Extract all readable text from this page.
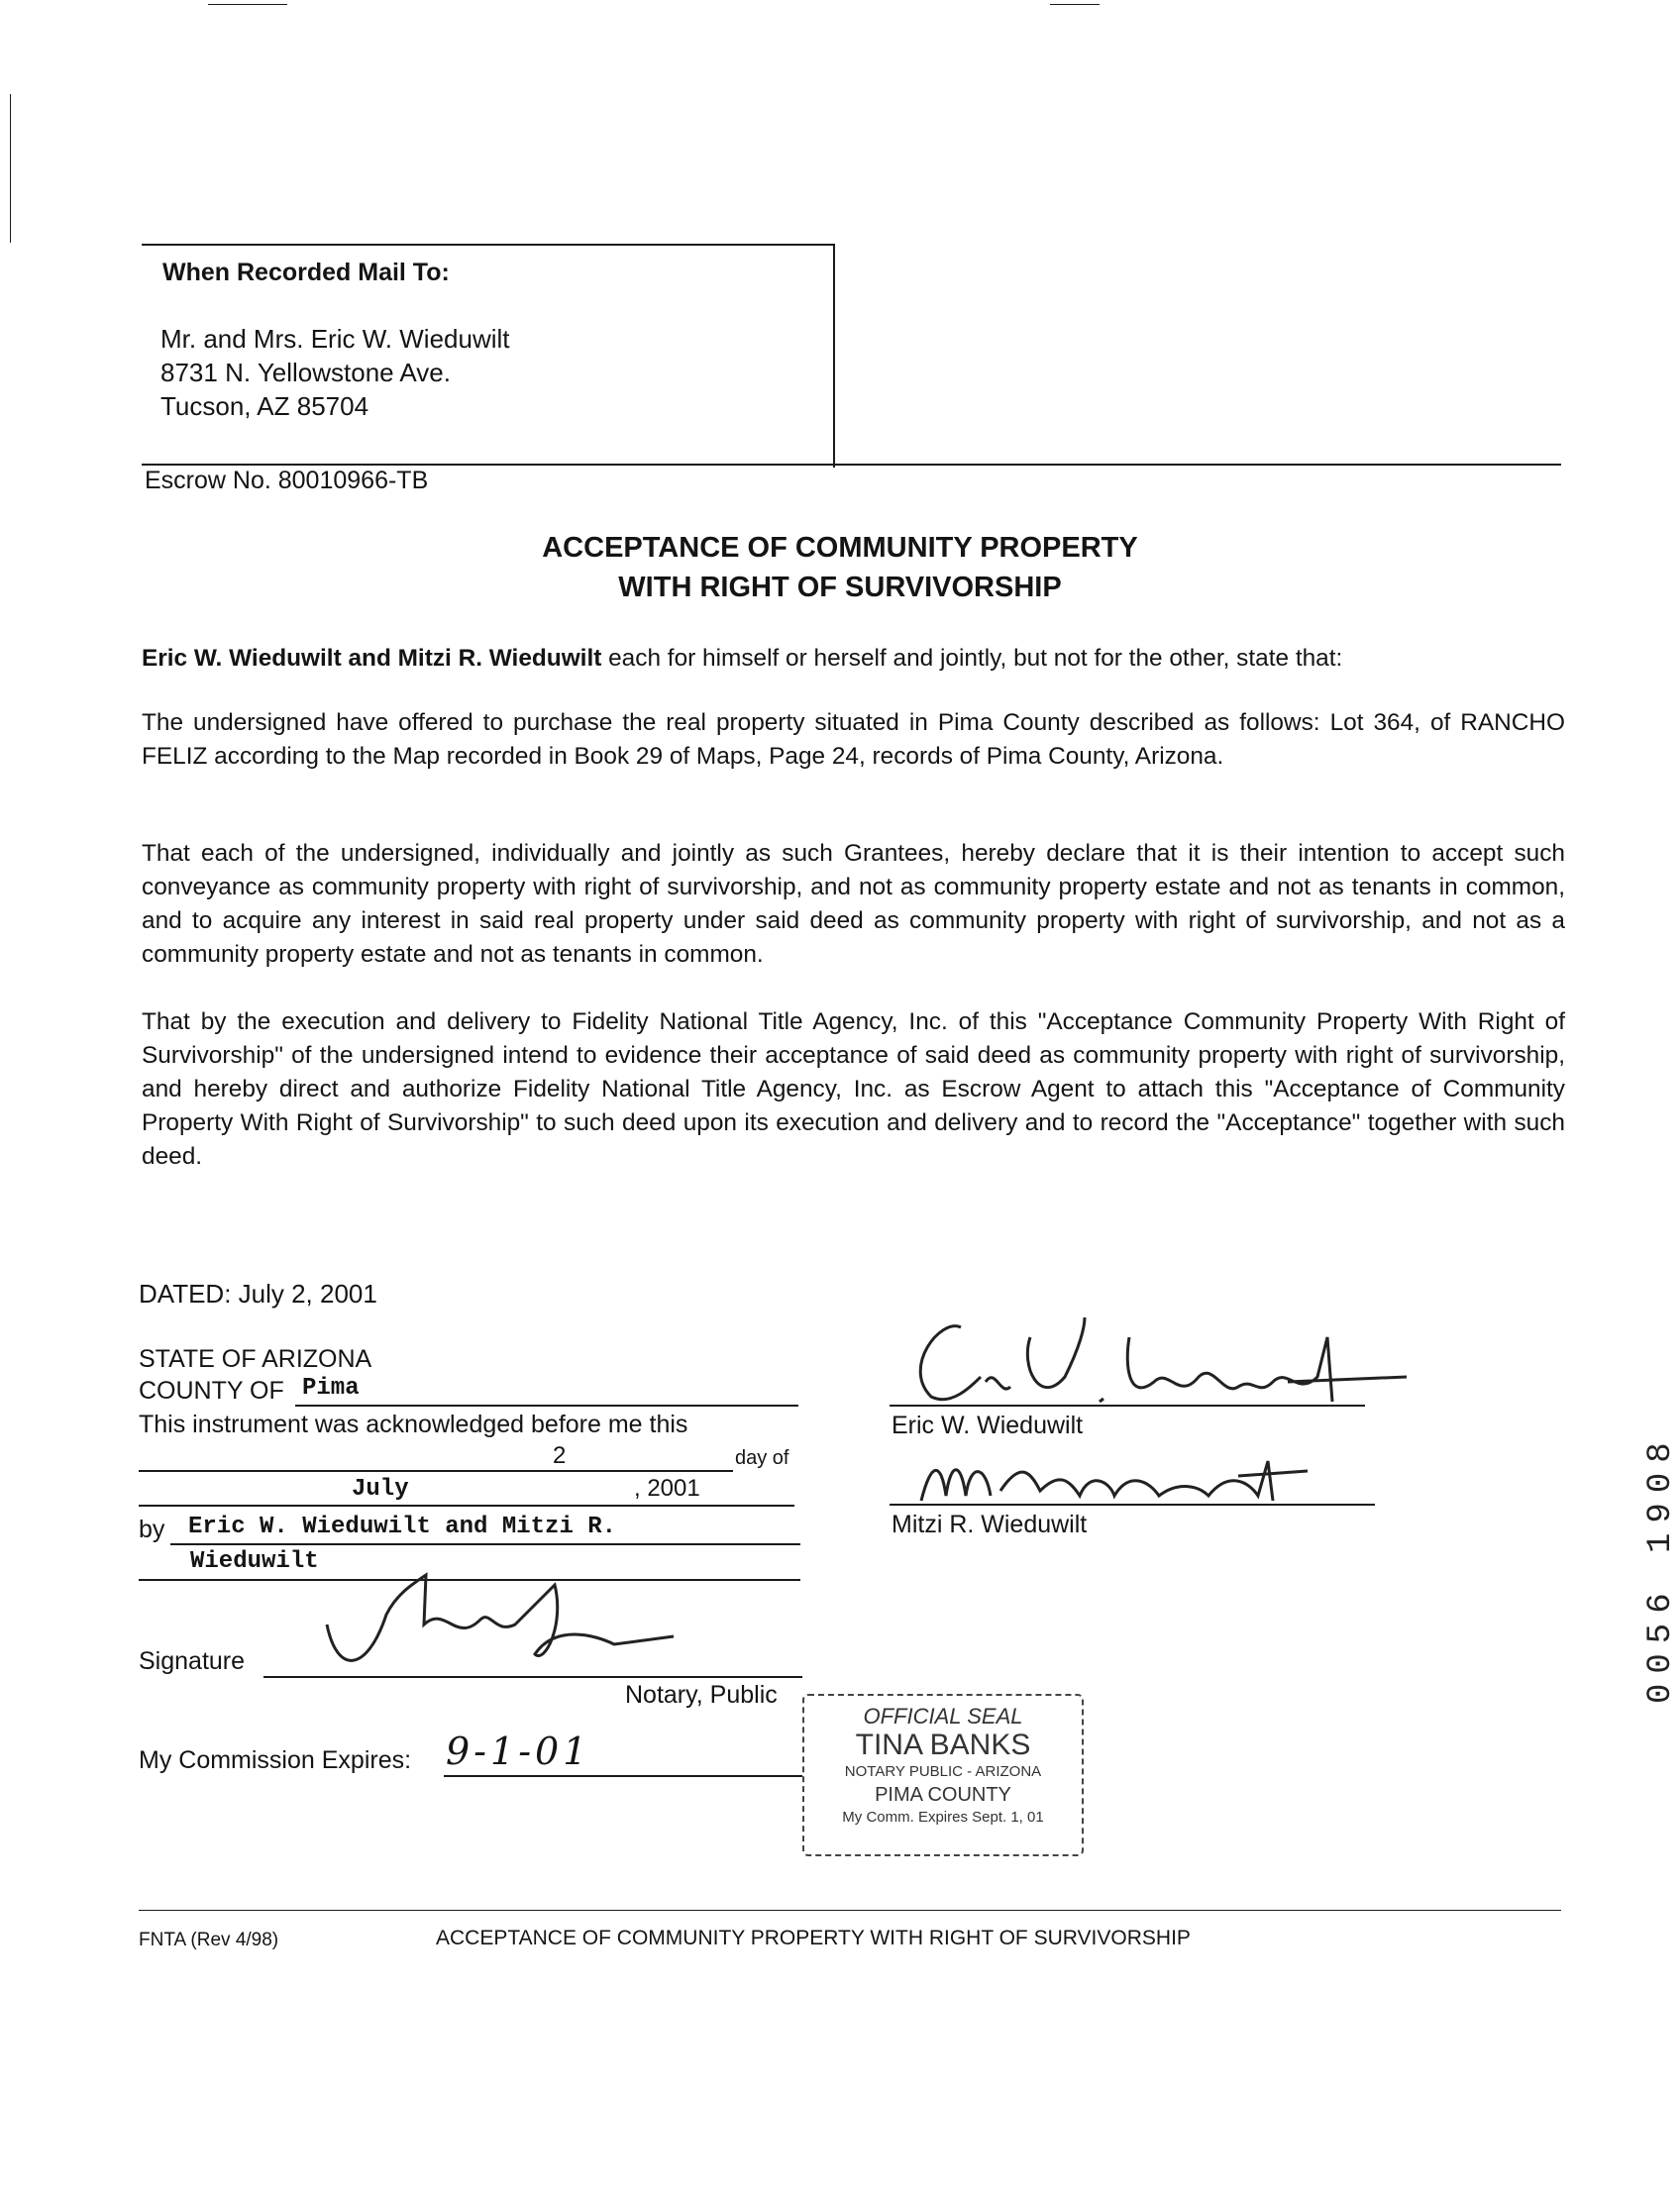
When Recorded Mail To:
Mr. and Mrs. Eric W. Wieduwilt
8731 N. Yellowstone Ave.
Tucson, AZ 85704
Escrow No. 80010966-TB
ACCEPTANCE OF COMMUNITY PROPERTY
WITH RIGHT OF SURVIVORSHIP
Eric W. Wieduwilt and Mitzi R. Wieduwilt each for himself or herself and jointly, but not for the other, state that:
The undersigned have offered to purchase the real property situated in Pima County described as follows: Lot 364, of RANCHO FELIZ according to the Map recorded in Book 29 of Maps, Page 24, records of Pima County, Arizona.
That each of the undersigned, individually and jointly as such Grantees, hereby declare that it is their intention to accept such conveyance as community property with right of survivorship, and not as community property estate and not as tenants in common, and to acquire any interest in said real property under said deed as community property with right of survivorship, and not as a community property estate and not as tenants in common.
That by the execution and delivery to Fidelity National Title Agency, Inc. of this "Acceptance Community Property With Right of Survivorship" of the undersigned intend to evidence their acceptance of said deed as community property with right of survivorship, and hereby direct and authorize Fidelity National Title Agency, Inc. as Escrow Agent to attach this "Acceptance of Community Property With Right of Survivorship" to such deed upon its execution and delivery and to record the "Acceptance" together with such deed.
DATED: July 2, 2001
STATE OF ARIZONA
COUNTY OF Pima
This instrument was acknowledged before me this
2	day of
July	, 2001
by Eric W. Wieduwilt and Mitzi R.
Wieduwilt
Signature
Notary, Public
My Commission Expires: 9-1-01
OFFICIAL SEAL
TINA BANKS
NOTARY PUBLIC - ARIZONA
PIMA COUNTY
My Comm. Expires Sept. 1, 01
Eric W. Wieduwilt
Mitzi R. Wieduwilt
FNTA (Rev 4/98)	ACCEPTANCE OF COMMUNITY PROPERTY WITH RIGHT OF SURVIVORSHIP
0056 1908
